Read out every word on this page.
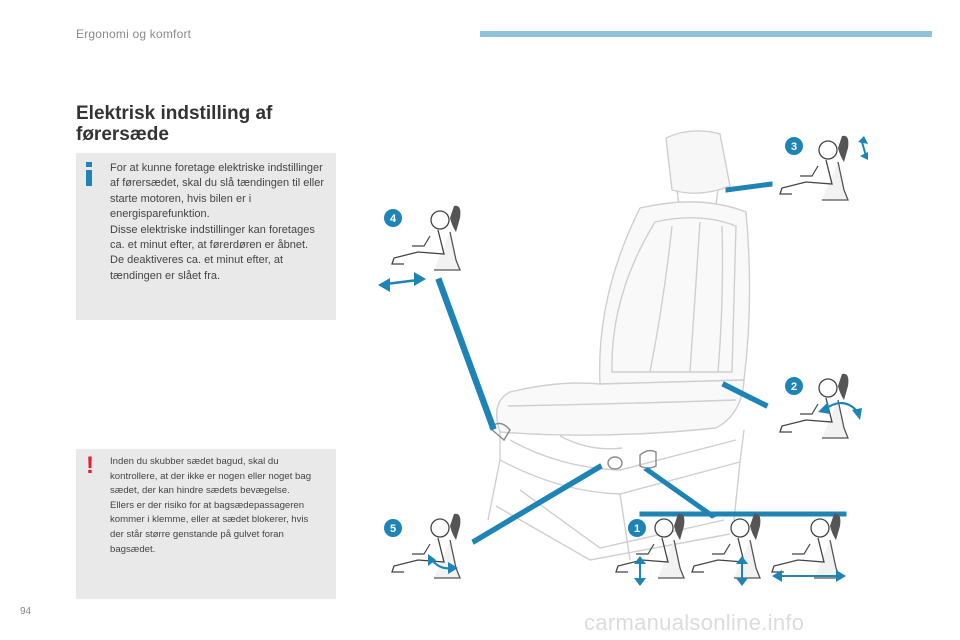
Ergonomi og komfort
Elektrisk indstilling af
førersæde

For at kunne foretage elektriske indstillinger af førersædet, skal du slå tændingen til eller starte motoren, hvis bilen er i energisparefunktion.

Disse elektriske indstillinger kan foretages ca. et minut efter, at førerdøren er åbnet. De deaktiveres ca. et minut efter, at tændingen er slået fra.

! Inden du skubber sædet bagud, skal du kontrollere, at der ikke er nogen eller noget bag sædet, der kan hindre sædets bevægelse.

Ellers er der risiko for at bagsædepassageren kommer i klemme, eller at sædet blokerer, hvis der står større genstande på gulvet foran bagsædet.

3
4
2
5	1
94	carmanualsonline.info
